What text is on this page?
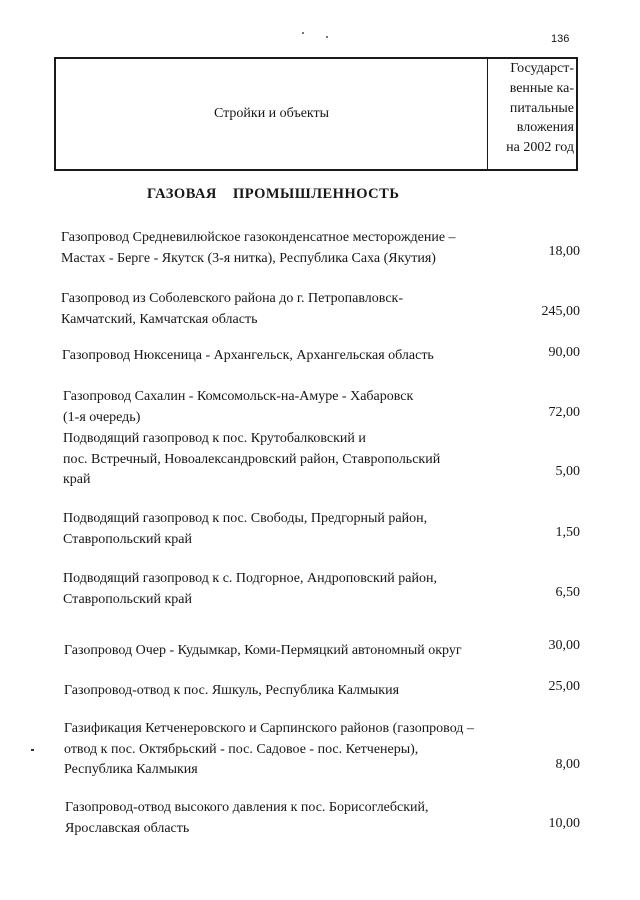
136
Стройки и объекты
Государст-
венные ка-
питальные
вложения
на 2002 год
ГАЗОВАЯ ПРОМЫШЛЕННОСТЬ
Газопровод Средневилюйское газоконденсатное месторождение –
Мастах - Берге - Якутск (3-я нитка), Республика Саха (Якутия)	18,00
Газопровод из Соболевского района до г. Петропавловск-
Камчатский, Камчатская область	245,00
Газопровод Нюксеница - Архангельск, Архангельская область	90,00
Газопровод Сахалин - Комсомольск-на-Амуре - Хабаровск
(1-я очередь)	72,00
Подводящий газопровод к пос. Крутобалковский и
пос. Встречный, Новоалександровский район, Ставропольский
край
5,00
Подводящий газопровод к пос. Свободы, Предгорный район,
Ставропольский край	1,50
Подводящий газопровод к с. Подгорное, Андроповский район,
Ставропольский край	6,50
Газопровод Очер - Кудымкар, Коми-Пермяцкий автономный округ	30,00
Газопровод-отвод к пос. Яшкуль, Республика Калмыкия	25,00
Газификация Кетченеровского и Сарпинского районов (газопровод –
отвод к пос. Октябрьский - пос. Садовое - пос. Кетченеры),
Республика Калмыкия	8,00
Газопровод-отвод высокого давления к пос. Борисоглебский,
Ярославская область	10,00
